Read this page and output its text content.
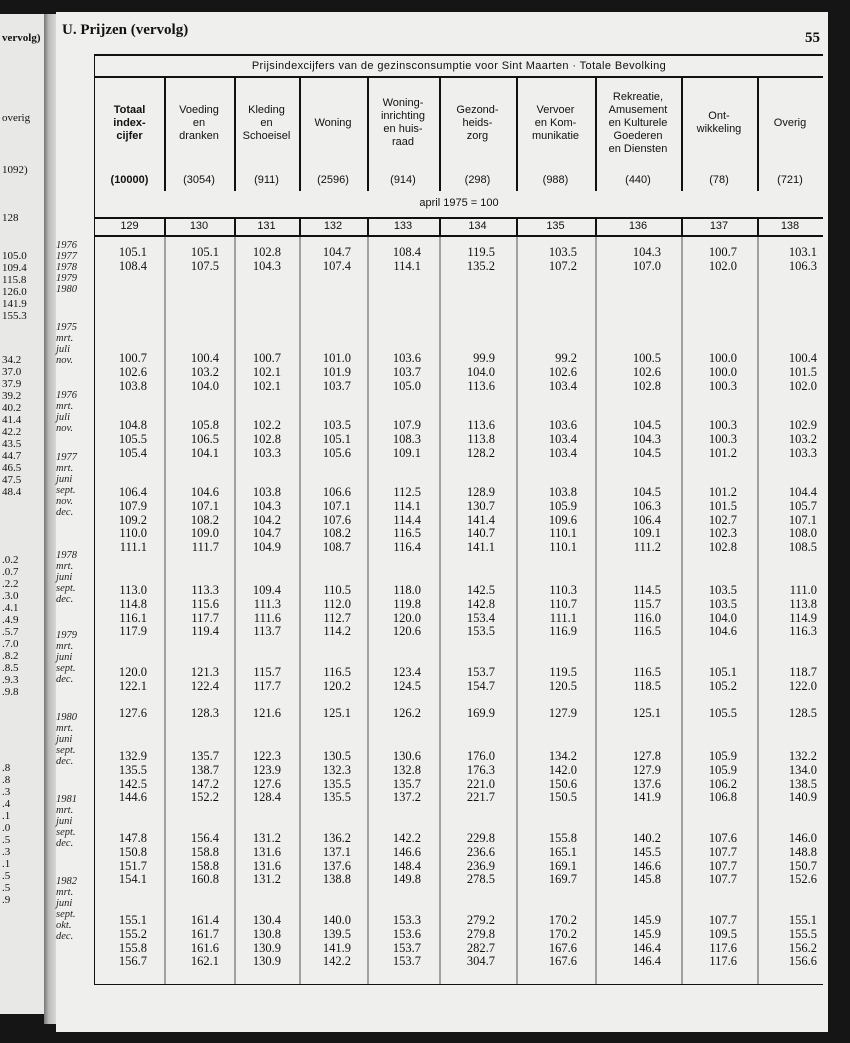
vervolg)
overig
1092)
128
105.0
109.4
115.8
126.0
141.9
155.3
34.2
37.0
37.9
39.2
40.2
41.4
42.2
43.5
44.7
46.5
47.5
48.4
.0.2
.0.7
.2.2
.3.0
.4.1
.4.9
.5.7
.7.0
.8.2
.8.5
.9.3
.9.8
.8
.8
.3
.4
.1
.0
.5
.3
.1
.5
.5
.9
U. Prijzen (vervolg)	55
1976
1977
1978
1979
1980
1975
mrt.
juli
nov.
1976
mrt.
juli
nov.
1977
mrt.
juni
sept.
nov.
dec.
1978
mrt.
juni
sept.
dec.
1979
mrt.
juni
sept.
dec.
1980
mrt.
juni
sept.
dec.
1981
mrt.
juni
sept.
dec.
1982
mrt.
juni
sept.
okt.
dec.
Prijsindexcijfers van de gezinsconsumptie voor Sint Maarten · Totale Bevolking
april 1975 = 100
Totaal
index-
cijfer
(10000)
129
Voeding
en
dranken
(3054)
130
Kleding
en
Schoeisel
(911)
131
Woning
(2596)
132
Woning-
inrichting
en huis-
raad
(914)
133
Gezond-
heids-
zorg
(298)
134
Vervoer
en Kom-
munikatie
(988)
135
Rekreatie,
Amusement
en Kulturele
Goederen
en Diensten
(440)
136
Ont-
wikkeling
(78)
137
Overig
(721)
138
105.1
108.4
105.1
107.5
102.8
104.3
104.7
107.4
108.4
114.1
119.5
135.2
103.5
107.2
104.3
107.0
100.7
102.0
103.1
106.3
100.7
102.6
103.8
100.4
103.2
104.0
100.7
102.1
102.1
101.0
101.9
103.7
103.6
103.7
105.0
99.9
104.0
113.6
99.2
102.6
103.4
100.5
102.6
102.8
100.0
100.0
100.3
100.4
101.5
102.0
104.8
105.5
105.4
105.8
106.5
104.1
102.2
102.8
103.3
103.5
105.1
105.6
107.9
108.3
109.1
113.6
113.8
128.2
103.6
103.4
103.4
104.5
104.3
104.5
100.3
100.3
101.2
102.9
103.2
103.3
106.4
107.9
109.2
110.0
111.1
104.6
107.1
108.2
109.0
111.7
103.8
104.3
104.2
104.7
104.9
106.6
107.1
107.6
108.2
108.7
112.5
114.1
114.4
116.5
116.4
128.9
130.7
141.4
140.7
141.1
103.8
105.9
109.6
110.1
110.1
104.5
106.3
106.4
109.1
111.2
101.2
101.5
102.7
102.3
102.8
104.4
105.7
107.1
108.0
108.5
113.0
114.8
116.1
117.9
113.3
115.6
117.7
119.4
109.4
111.3
111.6
113.7
110.5
112.0
112.7
114.2
118.0
119.8
120.0
120.6
142.5
142.8
153.4
153.5
110.3
110.7
111.1
116.9
114.5
115.7
116.0
116.5
103.5
103.5
104.0
104.6
111.0
113.8
114.9
116.3
120.0
122.1
127.6
121.3
122.4
128.3
115.7
117.7
121.6
116.5
120.2
125.1
123.4
124.5
126.2
153.7
154.7
169.9
119.5
120.5
127.9
116.5
118.5
125.1
105.1
105.2
105.5
118.7
122.0
128.5
132.9
135.5
142.5
144.6
135.7
138.7
147.2
152.2
122.3
123.9
127.6
128.4
130.5
132.3
135.5
135.5
130.6
132.8
135.7
137.2
176.0
176.3
221.0
221.7
134.2
142.0
150.6
150.5
127.8
127.9
137.6
141.9
105.9
105.9
106.2
106.8
132.2
134.0
138.5
140.9
147.8
150.8
151.7
154.1
156.4
158.8
158.8
160.8
131.2
131.6
131.6
131.2
136.2
137.1
137.6
138.8
142.2
146.6
148.4
149.8
229.8
236.6
236.9
278.5
155.8
165.1
169.1
169.7
140.2
145.5
146.6
145.8
107.6
107.7
107.7
107.7
146.0
148.8
150.7
152.6
155.1
155.2
155.8
156.7
161.4
161.7
161.6
162.1
130.4
130.8
130.9
130.9
140.0
139.5
141.9
142.2
153.3
153.6
153.7
153.7
279.2
279.8
282.7
304.7
170.2
170.2
167.6
167.6
145.9
145.9
146.4
146.4
107.7
109.5
117.6
117.6
155.1
155.5
156.2
156.6
